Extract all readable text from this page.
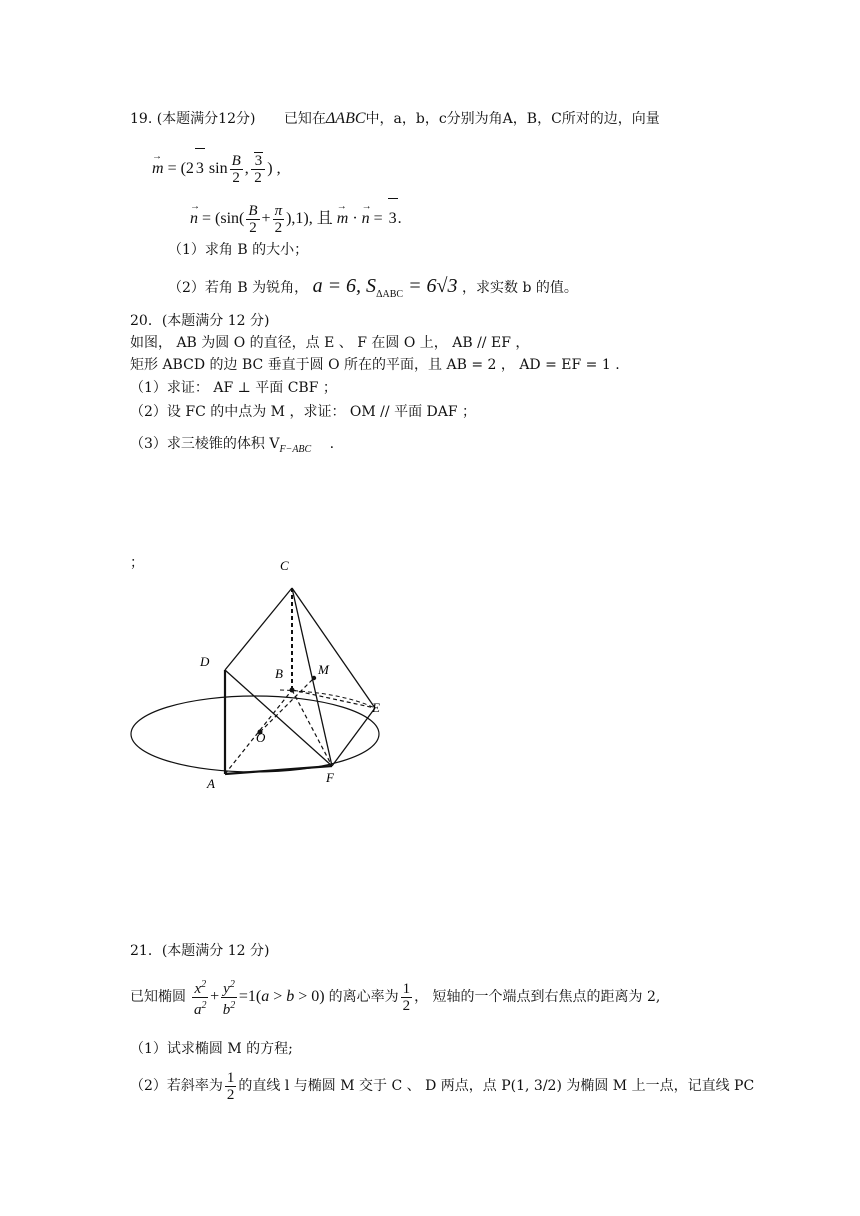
19. (本题满分12分) 已知在ΔABC中，a，b，c分别为角A，B，C所对的边，向量
→ m = (2 3 $\sin \frac{B}{2}$ , $\frac{3}{2}$ ) ,
→ $n = (\sin( \frac{B}{2} + \frac{\pi}{2} ),1)$, 且 → m · → n = 3.
（1）求角 B 的大小；
（2）若角 B 为锐角， a = 6, $S_{\Delta ABC} = 6√3$ ，求实数 b 的值。
20．(本题满分 12 分)
如图， AB 为圆 O 的直径，点 E 、 F 在圆 O 上， AB // EF ，
矩形 ABCD 的边 BC 垂直于圆 O 所在的平面，且 AB = 2 ， AD = EF = 1 .
（1）求证： AF ⊥ 平面 CBF ；
（2）设 FC 的中点为 M ，求证： OM // 平面 DAF ；
（3）求三棱锥的体积 $V_{F-ABC}$ .
；	C
D
B	M
E
O
A	F
21．(本题满分 12 分)
已知椭圆 $\frac{x^2}{a^2} + \frac{y^2}{b^2} =1(a > b > 0)$ 的离心率为 $\frac{1}{2}$ ， 短轴的一个端点到右焦点的距离为 2,
（1）试求椭圆 M 的方程;
（2）若斜率为 $\frac{1}{2}$ 的直线 l 与椭圆 M 交于 C 、 D 两点，点 P(1, 3/2) 为椭圆 M 上一点，记直线 PC
